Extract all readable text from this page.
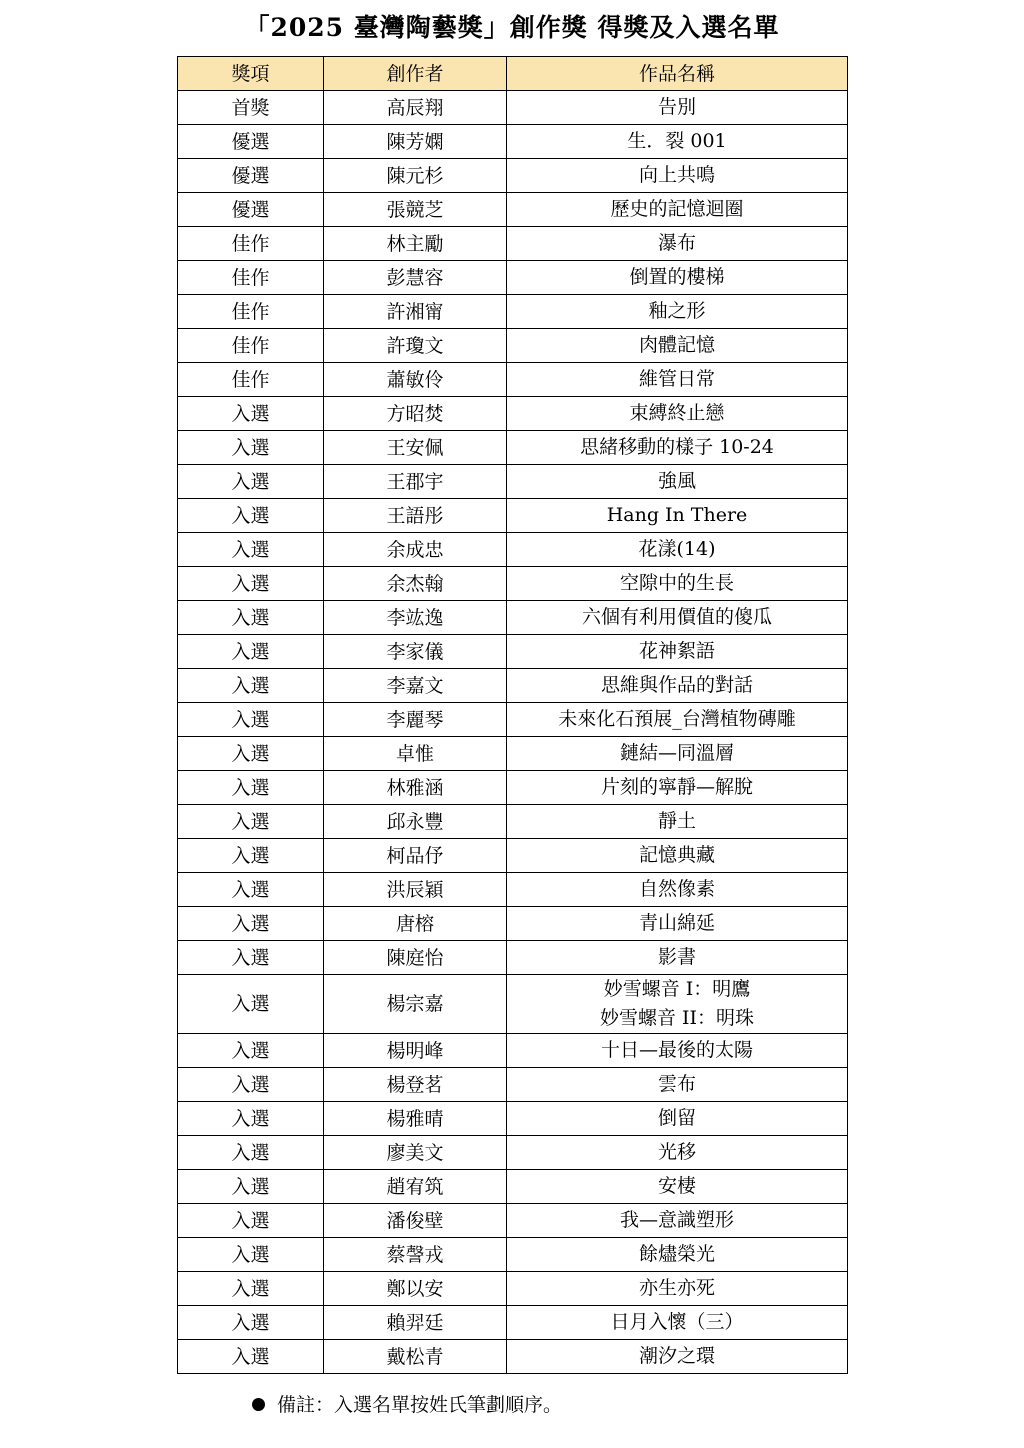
「2025 臺灣陶藝獎」創作獎 得獎及入選名單
獎項	創作者	作品名稱
首獎	高辰翔	告別

優選	陳芳嫻	生．裂 001

優選	陳元杉	向上共鳴

優選	張競芝	歷史的記憶迴圈

佳作	林主勵	瀑布

佳作	彭慧容	倒置的樓梯

佳作	許湘甯	釉之形

佳作	許瓊文	肉體記憶

佳作	蕭敏伶	維管日常

入選	方昭焚	束縛終止戀

入選	王安佩	思緒移動的樣子 10-24

入選	王郡宇	強風

入選	王語彤	Hang In There

入選	余成忠	花漾(14)

入選	余杰翰	空隙中的生長

入選	李竑逸	六個有利用價值的傻瓜

入選	李家儀	花神絮語

入選	李嘉文	思維與作品的對話

入選	李麗琴	未來化石預展_台灣植物磚雕

入選	卓惟	鏈結—同溫層

入選	林雅涵	片刻的寧靜—解脫

入選	邱永豐	靜土

入選	柯品伃	記憶典藏

入選	洪辰穎	自然像素

入選	唐榕	青山綿延

入選	陳庭怡	影書

入選	楊宗嘉	妙雪螺音 I：明鷹
妙雪螺音 II：明珠

入選	楊明峰	十日—最後的太陽

入選	楊登茗	雲布

入選	楊雅晴	倒留

入選	廖美文	光移

入選	趙宥筑	安棲

入選	潘俊壁	我—意識塑形

入選	蔡謦戎	餘燼榮光

入選	鄭以安	亦生亦死

入選	賴羿廷	日月入懷（三）

入選	戴松青	潮汐之環
備註：入選名單按姓氏筆劃順序。
